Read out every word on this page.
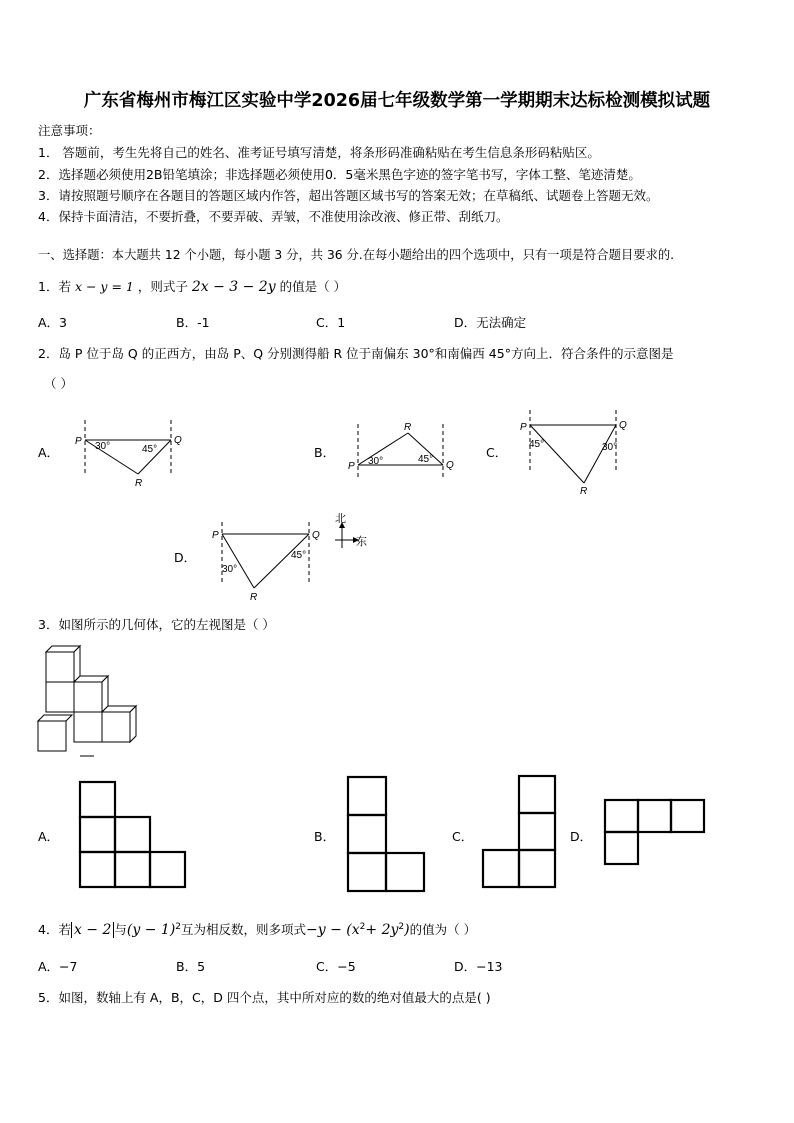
广东省梅州市梅江区实验中学2026届七年级数学第一学期期末达标检测模拟试题
注意事项：
1． 答题前，考生先将自己的姓名、准考证号填写清楚，将条形码准确粘贴在考生信息条形码粘贴区。
2．选择题必须使用2B铅笔填涂；非选择题必须使用0．5毫米黑色字迹的签字笔书写，字体工整、笔迹清楚。
3．请按照题号顺序在各题目的答题区域内作答，超出答题区域书写的答案无效；在草稿纸、试题卷上答题无效。
4．保持卡面清洁，不要折叠，不要弄破、弄皱，不准使用涂改液、修正带、刮纸刀。
一、选择题：本大题共 12 个小题，每小题 3 分，共 36 分.在每小题给出的四个选项中，只有一项是符合题目要求的.
1．若 x − y = 1 ，则式子 2x − 3 − 2y 的值是（ ）
A．3	B．-1	C．1	D．无法确定
2．岛 P 位于岛 Q 的正西方，由岛 P、Q 分别测得船 R 位于南偏东 30°和南偏西 45°方向上．符合条件的示意图是
（ ）
A．
P	Q
R
30°	45°	B．
P	Q
R
30°	45°	C．
P	Q
R
45°	30°
D．
P	Q
R
30°
45°
北
东
3．如图所示的几何体，它的左视图是（ ）
A．	B．	C．	D．
4．若 x − 2 与$(y - 1)^2$互为相反数，则多项式$-y - (x^2+ 2y^2)$的值为（ ）
A．−7	B．5	C．−5	D．−13
5．如图，数轴上有 A，B，C，D 四个点，其中所对应的数的绝对值最大的点是( )
